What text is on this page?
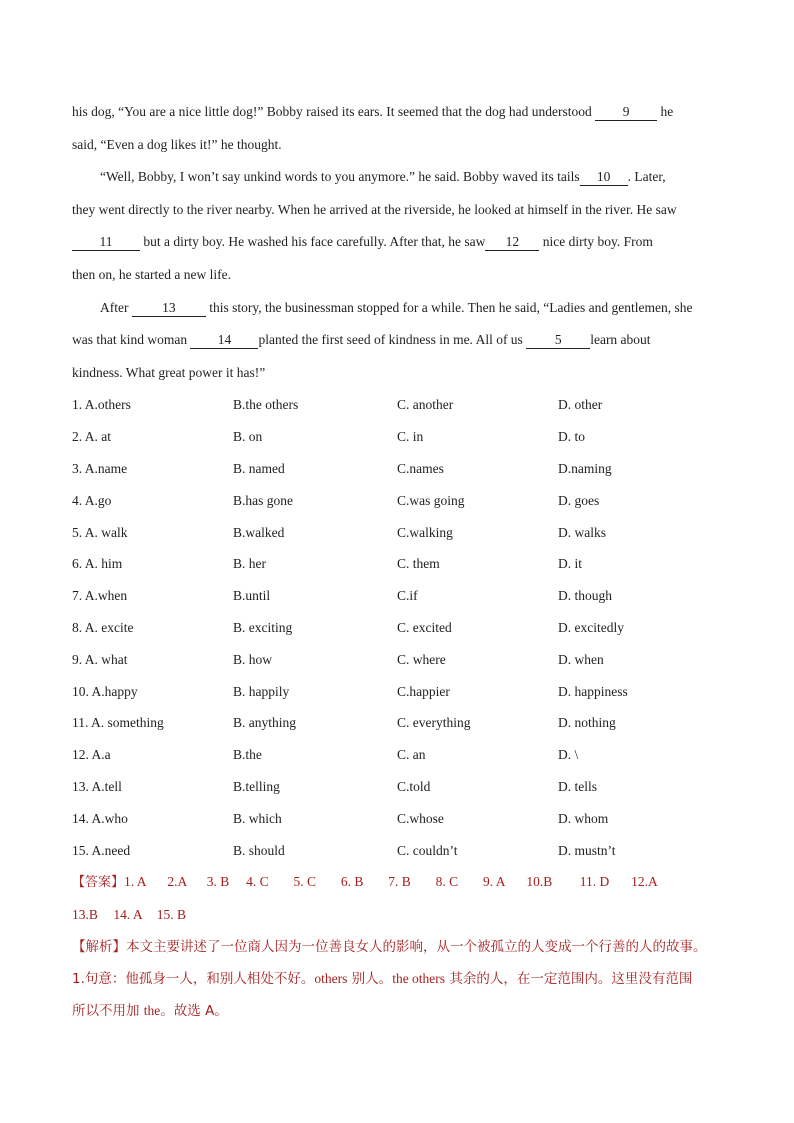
his dog, “You are a nice little dog!” Bobby raised its ears. It seemed that the dog had understood 9 he
said, “Even a dog likes it!” he thought.
“Well, Bobby, I won’t say unkind words to you anymore.” he said. Bobby waved its tails 10 . Later,
they went directly to the river nearby. When he arrived at the riverside, he looked at himself in the river. He saw
11 but a dirty boy. He washed his face carefully. After that, he saw 12 nice dirty boy. From
then on, he started a new life.
After 13 this story, the businessman stopped for a while. Then he said, “Ladies and gentlemen, she
was that kind woman 14 planted the first seed of kindness in me. All of us 5 learn about
kindness. What great power it has!”
1. A.others	B.the others	C. another	D. other
2. A. at	B. on	C. in	D. to
3. A.name	B. named	C.names	D.naming
4. A.go	B.has gone	C.was going	D. goes
5. A. walk	B.walked	C.walking	D. walks
6. A. him	B. her	C. them	D. it
7. A.when	B.until	C.if	D. though
8. A. excite	B. exciting	C. excited	D. excitedly
9. A. what	B. how	C. where	D. when
10. A.happy	B. happily	C.happier	D. happiness
11. A. something	B. anything	C. everything	D. nothing
12. A.a	B.the	C. an	D. \
13. A.tell	B.telling	C.told	D. tells
14. A.who	B. which	C.whose	D. whom
15. A.need	B. should	C. couldn’t	D. mustn’t
【答案】1. A 2.A 3. B 4. C 5. C 6. B 7. B 8. C 9. A 10.B 11. D 12.A
13.B 14. A 15. B
【解析】本文主要讲述了一位商人因为一位善良女人的影响，从一个被孤立的人变成一个行善的人的故事。
1.句意：他孤身一人，和别人相处不好。others 别人。the others 其余的人，在一定范围内。这里没有范围
所以不用加 the。故选 A。
